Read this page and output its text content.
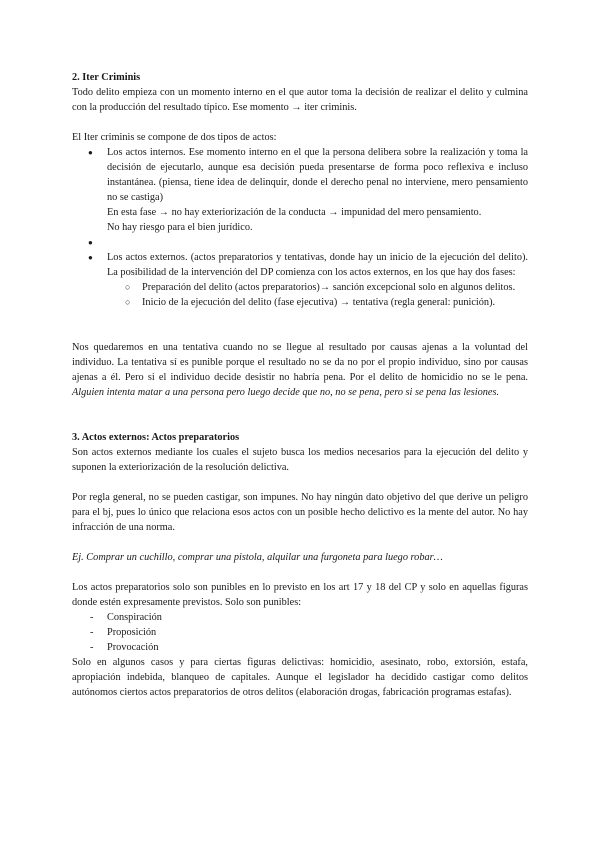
2. Iter Criminis

Todo delito empieza con un momento interno en el que autor toma la decisión de realizar el delito y culmina con la producción del resultado típico. Ese momento → iter criminis.

El Iter criminis se compone de dos tipos de actos:

● Los actos internos. Ese momento interno en el que la persona delibera sobre la realización y toma la decisión de ejecutarlo, aunque esa decisión pueda presentarse de forma poco reflexiva e incluso instantánea. (piensa, tiene idea de delinquir, donde el derecho penal no interviene, mero pensamiento no se castiga)
En esta fase → no hay exteriorización de la conducta → impunidad del mero pensamiento.
No hay riesgo para el bien jurídico.
●
● Los actos externos. (actos preparatorios y tentativas, donde hay un inicio de la ejecución del delito). La posibilidad de la intervención del DP comienza con los actos externos, en los que hay dos fases:
○ Preparación del delito (actos preparatorios)→ sanción excepcional solo en algunos delitos.
○ Inicio de la ejecución del delito (fase ejecutiva) → tentativa (regla general: punición).

Nos quedaremos en una tentativa cuando no se llegue al resultado por causas ajenas a la voluntad del individuo. La tentativa sí es punible porque el resultado no se da no por el propio individuo, sino por causas ajenas a él. Pero si el individuo decide desistir no habría pena. Por el delito de homicidio no se le pena. Alguien intenta matar a una persona pero luego decide que no, no se pena, pero si se pena las lesiones.

3. Actos externos: Actos preparatorios

Son actos externos mediante los cuales el sujeto busca los medios necesarios para la ejecución del delito y suponen la exteriorización de la resolución delictiva.

Por regla general, no se pueden castigar, son impunes. No hay ningún dato objetivo del que derive un peligro para el bj, pues lo único que relaciona esos actos con un posible hecho delictivo es la mente del autor. No hay infracción de una norma.

Ej. Comprar un cuchillo, comprar una pistola, alquilar una furgoneta para luego robar…

Los actos preparatorios solo son punibles en lo previsto en los art 17 y 18 del CP y solo en aquellas figuras donde estén expresamente previstos. Solo son punibles:

- Conspiración
- Proposición
- Provocación

Solo en algunos casos y para ciertas figuras delictivas: homicidio, asesinato, robo, extorsión, estafa, apropiación indebida, blanqueo de capitales. Aunque el legislador ha decidido castigar como delitos autónomos ciertos actos preparatorios de otros delitos (elaboración drogas, fabricación programas estafas).
